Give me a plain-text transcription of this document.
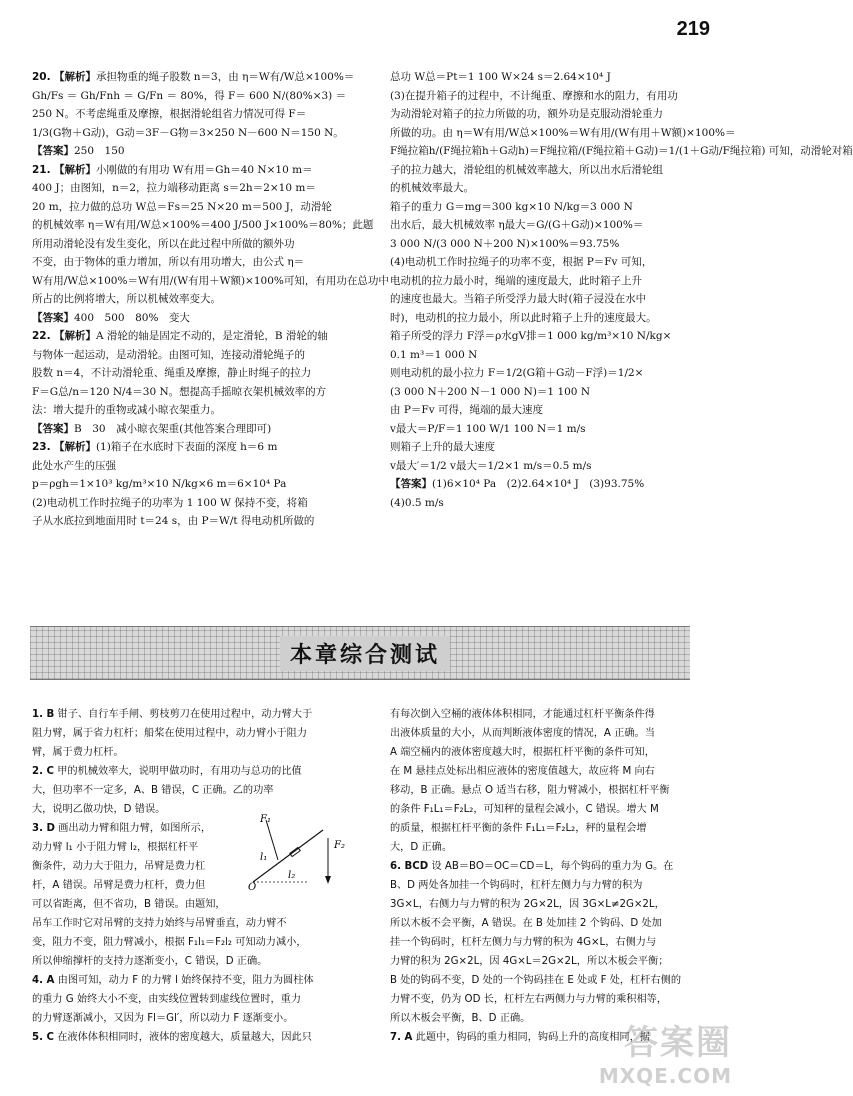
219
20. 【解析】承担物重的绳子股数 n＝3，由 η＝W有/W总×100%＝
Gh/Fs ＝ Gh/Fnh ＝ G/Fn ＝ 80%，得 F＝ 600 N/(80%×3) ＝
250 N。不考虑绳重及摩擦，根据滑轮组省力情况可得 F＝
1/3(G物＋G动)，G动＝3F－G物＝3×250 N－600 N＝150 N。
【答案】250　150
21. 【解析】小刚做的有用功 W有用＝Gh＝40 N×10 m＝
400 J；由图知，n＝2，拉力端移动距离 s＝2h＝2×10 m＝
20 m，拉力做的总功 W总＝Fs＝25 N×20 m＝500 J，动滑轮
的机械效率 η＝W有用/W总×100%＝400 J/500 J×100%＝80%；此题
所用动滑轮没有发生变化，所以在此过程中所做的额外功
不变，由于物体的重力增加，所以有用功增大，由公式 η＝
W有用/W总×100%＝W有用/(W有用＋W额)×100%可知，有用功在总功中
所占的比例将增大，所以机械效率变大。
【答案】400　500　80%　变大
22. 【解析】A 滑轮的轴是固定不动的，是定滑轮，B 滑轮的轴
与物体一起运动，是动滑轮。由图可知，连接动滑轮绳子的
股数 n＝4，不计动滑轮重、绳重及摩擦，静止时绳子的拉力
F＝G总/n＝120 N/4＝30 N。想提高手摇晾衣架机械效率的方
法：增大提升的重物或减小晾衣架重力。
【答案】B　30　减小晾衣架重(其他答案合理即可)
23. 【解析】(1)箱子在水底时下表面的深度 h＝6 m
此处水产生的压强
p＝ρgh＝1×10³ kg/m³×10 N/kg×6 m＝6×10⁴ Pa
(2)电动机工作时拉绳子的功率为 1 100 W 保持不变，将箱
子从水底拉到地面用时 t＝24 s，由 P＝W/t 得电动机所做的
总功 W总＝Pt＝1 100 W×24 s＝2.64×10⁴ J
(3)在提升箱子的过程中，不计绳重、摩擦和水的阻力，有用功
为动滑轮对箱子的拉力所做的功，额外功是克服动滑轮重力
所做的功。由 η＝W有用/W总×100%＝W有用/(W有用＋W额)×100%＝
F绳拉箱h/(F绳拉箱h＋G动h)＝F绳拉箱/(F绳拉箱＋G动)＝1/(1＋G动/F绳拉箱) 可知，动滑轮对箱
子的拉力越大，滑轮组的机械效率越大，所以出水后滑轮组
的机械效率最大。
箱子的重力 G＝mg＝300 kg×10 N/kg＝3 000 N
出水后，最大机械效率 η最大＝G/(G＋G动)×100%＝
3 000 N/(3 000 N＋200 N)×100%＝93.75%
(4)电动机工作时拉绳子的功率不变，根据 P＝Fv 可知，
电动机的拉力最小时，绳端的速度最大，此时箱子上升
的速度也最大。当箱子所受浮力最大时(箱子浸没在水中
时)，电动机的拉力最小，所以此时箱子上升的速度最大。
箱子所受的浮力 F浮＝ρ水gV排＝1 000 kg/m³×10 N/kg×
0.1 m³＝1 000 N
则电动机的最小拉力 F＝1/2(G箱＋G动－F浮)＝1/2×
(3 000 N＋200 N－1 000 N)＝1 100 N
由 P＝Fv 可得，绳端的最大速度
v最大＝P/F＝1 100 W/1 100 N＝1 m/s
则箱子上升的最大速度
v最大′＝1/2 v最大＝1/2×1 m/s＝0.5 m/s
【答案】(1)6×10⁴ Pa　(2)2.64×10⁴ J　(3)93.75%
(4)0.5 m/s
本章综合测试
1. B 钳子、自行车手闸、剪枝剪刀在使用过程中，动力臂大于
阻力臂，属于省力杠杆；船桨在使用过程中，动力臂小于阻力
臂，属于费力杠杆。
2. C 甲的机械效率大，说明甲做功时，有用功与总功的比值
大，但功率不一定多，A、B 错误，C 正确。乙的功率
大，说明乙做功快，D 错误。
3. D 画出动力臂和阻力臂，如图所示，
动力臂 l₁ 小于阻力臂 l₂，根据杠杆平
衡条件，动力大于阻力，吊臂是费力杠
杆，A 错误。吊臂是费力杠杆，费力但
可以省距离，但不省功，B 错误。由题知，
吊车工作时它对吊臂的支持力始终与吊臂垂直，动力臂不
变，阻力不变，阻力臂减小，根据 F₁l₁＝F₂l₂ 可知动力减小，
所以伸缩撑杆的支持力逐渐变小，C 错误，D 正确。
4. A 由图可知，动力 F 的力臂 l 始终保持不变，阻力为圆柱体
的重力 G 始终大小不变，由实线位置转到虚线位置时，重力
的力臂逐渐减小，又因为 Fl＝Gl′，所以动力 F 逐渐变小。
5. C 在液体体积相同时，液体的密度越大，质量越大，因此只
有每次倒入空桶的液体体积相同，才能通过杠杆平衡条件得
出液体质量的大小，从而判断液体密度的情况，A 正确。当
A 端空桶内的液体密度越大时，根据杠杆平衡的条件可知，
在 M 悬挂点处标出相应液体的密度值越大，故应将 M 向右
移动，B 正确。悬点 O 适当右移，阻力臂减小，根据杠杆平衡
的条件 F₁L₁＝F₂L₂，可知秤的量程会减小，C 错误。增大 M
的质量，根据杠杆平衡的条件 F₁L₁＝F₂L₂，秤的量程会增
大，D 正确。
6. BCD 设 AB＝BO＝OC＝CD＝L，每个钩码的重力为 G。在
B、D 两处各加挂一个钩码时，杠杆左侧力与力臂的积为
3G×L，右侧力与力臂的积为 2G×2L，因 3G×L≠2G×2L，
所以木板不会平衡，A 错误。在 B 处加挂 2 个钩码、D 处加
挂一个钩码时，杠杆左侧力与力臂的积为 4G×L，右侧力与
力臂的积为 2G×2L，因 4G×L＝2G×2L，所以木板会平衡；
B 处的钩码不变，D 处的一个钩码挂在 E 处或 F 处，杠杆右侧的
力臂不变，仍为 OD 长，杠杆左右两侧力与力臂的乘积相等，
所以木板会平衡，B、D 正确。
7. A 此题中，钩码的重力相同，钩码上升的高度相同，据
F₁
F₂
l₁
l₂
O
答案圈
MXQE.COM
